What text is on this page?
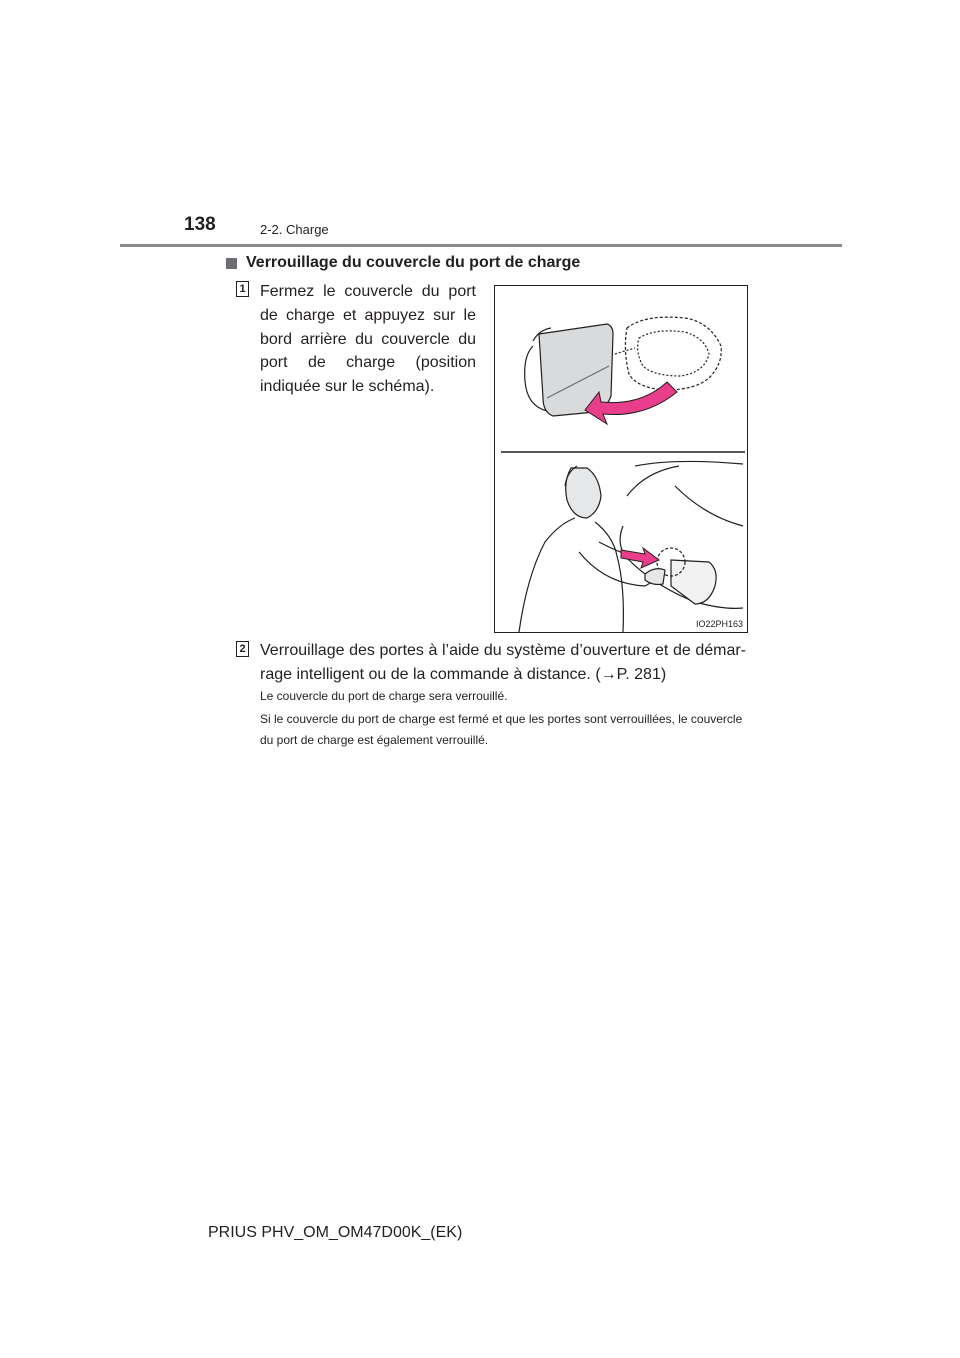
138	2-2. Charge
Verrouillage du couvercle du port de charge
1 Fermez le couvercle du port de charge et appuyez sur le bord arrière du couvercle du port de charge (position indiquée sur le schéma).
IO22PH163
2 Verrouillage des portes à l’aide du système d’ouverture et de démar-rage intelligent ou de la commande à distance. (→P. 281)
Le couvercle du port de charge sera verrouillé.
Si le couvercle du port de charge est fermé et que les portes sont verrouillées, le couvercle du port de charge est également verrouillé.
PRIUS PHV_OM_OM47D00K_(EK)
